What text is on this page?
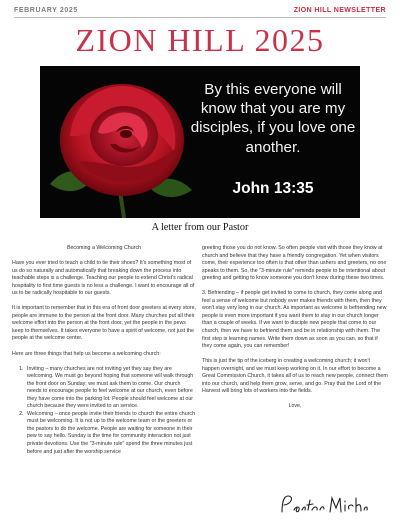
FEBRUARY 2025	ZION HILL NEWSLETTER
ZION HILL 2025
By this everyone will know that you are my disciples, if you love one another.
John 13:35
A letter from our Pastor

Becoming a Welcoming Church

Have you ever tried to teach a child to tie their shoes? It's something most of us do so naturally and automatically that breaking down the process into teachable steps is a challenge. Teaching our people to extend Christ's radical hospitality to first time guests is no less a challenge. I want to encourage all of us to be radically hospitable to our guests.

It is important to remember that in this era of front door greeters at every store, people are immune to the person at the front door. Many churches put all their welcome effort into the person at the front door, yet the people in the pews keep to themselves. It takes everyone to have a spirit of welcome, not just the people at the welcome center.

Here are three things that help us become a welcoming church:

1. Inviting – many churches are not inviting yet they say they are welcoming. We must go beyond hoping that someone will walk through the front door on Sunday; we must ask them to come. Our church needs to encourage people to feel welcome at our church, even before they have come into the parking lot. People should feel welcome at our church because they were invited to an service.
2. Welcoming – once people invite their friends to church the entire church must be welcoming. It is not up to the welcome team or the greeters or the pastors to do the welcome. People are waiting for someone in their pew to say hello. Sunday is the time for community interaction not just private devotions. Use the "3-minute rule" spend the three minutes just before and just after the worship service

greeting those you do not know. So often people visit with those they know at church and believe that they have a friendly congregation. Yet when visitors come, their experience too often is that other than ushers and greeters, no one speaks to them. So, the "3-minute rule" reminds people to be intentional about greeting and getting to know someone you don't know during these two times.

3. Befriending – if people get invited to come to church, they come along and feel a sense of welcome but nobody ever makes friends with them, then they won't stay very long in our church. As important as welcome is befriending new people is even more important if you want them to stay in our church longer than a couple of weeks. If we want to disciple new people that come to our church, then we have to befriend them and be in relationship with them. The first step is learning names. Write them down as soon as you can, so that if they come again, you can remember!

This is just the tip of the iceberg in creating a welcoming church; it won't happen overnight, and we must keep working on it. In our effort to become a Great Commission Church, it takes all of us to reach new people, connect them into our church, and help them grow, serve, and go. Pray that the Lord of the Harvest will bring lots of workers into the fields.

Love,
